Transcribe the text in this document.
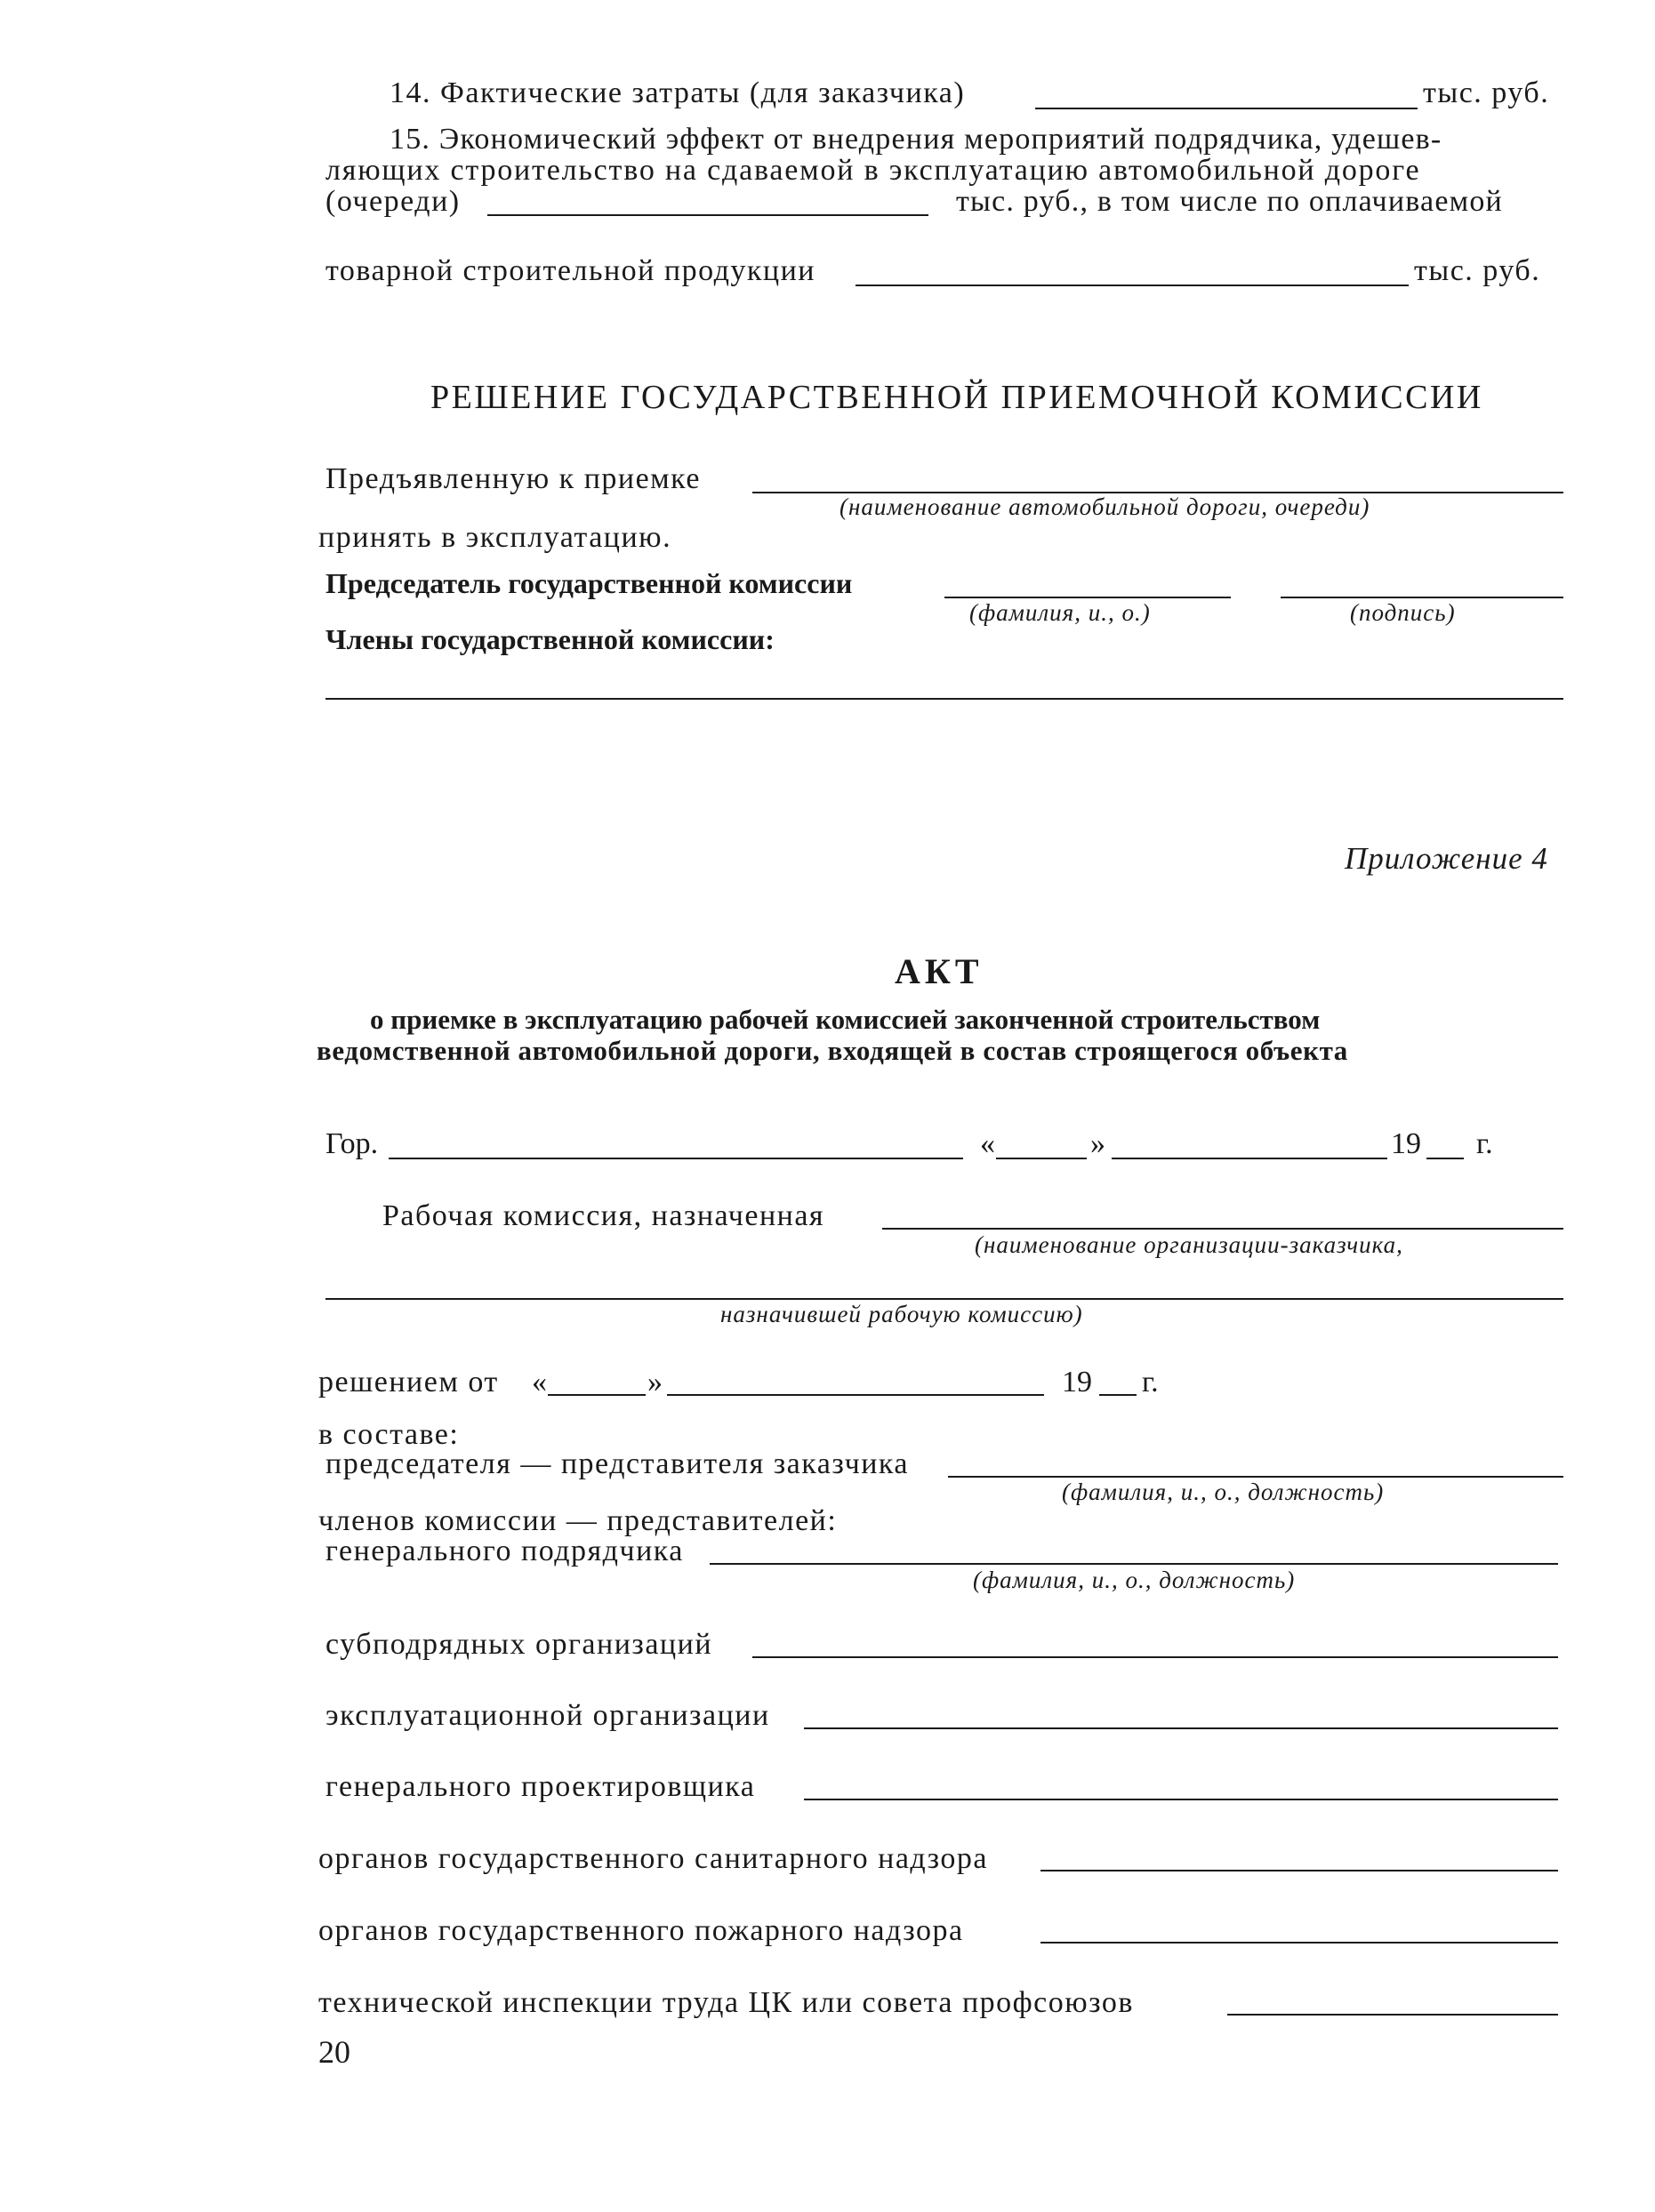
14. Фактические затраты (для заказчика)	тыс. руб.
15. Экономический эффект от внедрения мероприятий подрядчика, удешев-
ляющих строительство на сдаваемой в эксплуатацию автомобильной дороге
(очереди)	тыс. руб., в том числе по оплачиваемой
товарной строительной продукции	тыс. руб.
РЕШЕНИЕ ГОСУДАРСТВЕННОЙ ПРИЕМОЧНОЙ КОМИССИИ
Предъявленную к приемке
(наименование автомобильной дороги, очереди)
принять в эксплуатацию.
Председатель государственной комиссии
(фамилия, и., о.)	(подпись)
Члены государственной комиссии:
Приложение 4
АКТ
о приемке в эксплуатацию рабочей комиссией законченной строительством
ведомственной автомобильной дороги, входящей в состав строящегося объекта
Гор.	«	»	19 г.
Рабочая комиссия, назначенная
(наименование организации-заказчика,
назначившей рабочую комиссию)
решением от «	»	19 г.
в составе:
председателя — представителя заказчика
(фамилия, и., о., должность)
членов комиссии — представителей:
генерального подрядчика
(фамилия, и., о., должность)
субподрядных организаций
эксплуатационной организации
генерального проектировщика
органов государственного санитарного надзора
органов государственного пожарного надзора
технической инспекции труда ЦК или совета профсоюзов
20
